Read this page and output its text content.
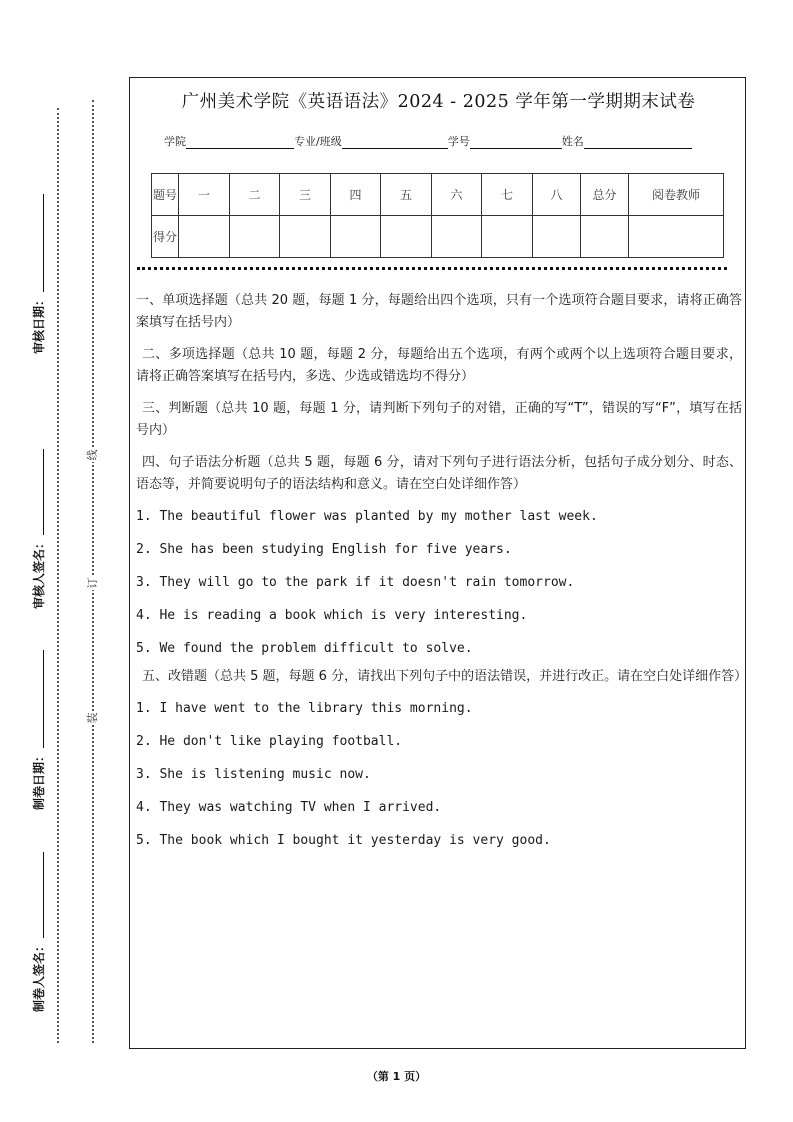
审核日期：
审核人签名：
制卷日期：
制卷人签名：
线
订
装
广州美术学院《英语语法》2024 - 2025 学年第一学期期末试卷
学院	专业/班级	学号	姓名
题号	一	二	三	四	五	六	七	八	总分	阅卷教师
得分										
一、单项选择题（总共 20 题，每题 1 分，每题给出四个选项，只有一个选项符合题目要求，请将正确答案填写在括号内）
二、多项选择题（总共 10 题，每题 2 分，每题给出五个选项，有两个或两个以上选项符合题目要求，请将正确答案填写在括号内，多选、少选或错选均不得分）
三、判断题（总共 10 题，每题 1 分，请判断下列句子的对错，正确的写“T”，错误的写“F”，填写在括号内）
四、句子语法分析题（总共 5 题，每题 6 分，请对下列句子进行语法分析，包括句子成分划分、时态、语态等，并简要说明句子的语法结构和意义。请在空白处详细作答）
1. The beautiful flower was planted by my mother last week.
2. She has been studying English for five years.
3. They will go to the park if it doesn't rain tomorrow.
4. He is reading a book which is very interesting.
5. We found the problem difficult to solve.
五、改错题（总共 5 题，每题 6 分，请找出下列句子中的语法错误，并进行改正。请在空白处详细作答）
1. I have went to the library this morning.
2. He don't like playing football.
3. She is listening music now.
4. They was watching TV when I arrived.
5. The book which I bought it yesterday is very good.
（第 1 页）
